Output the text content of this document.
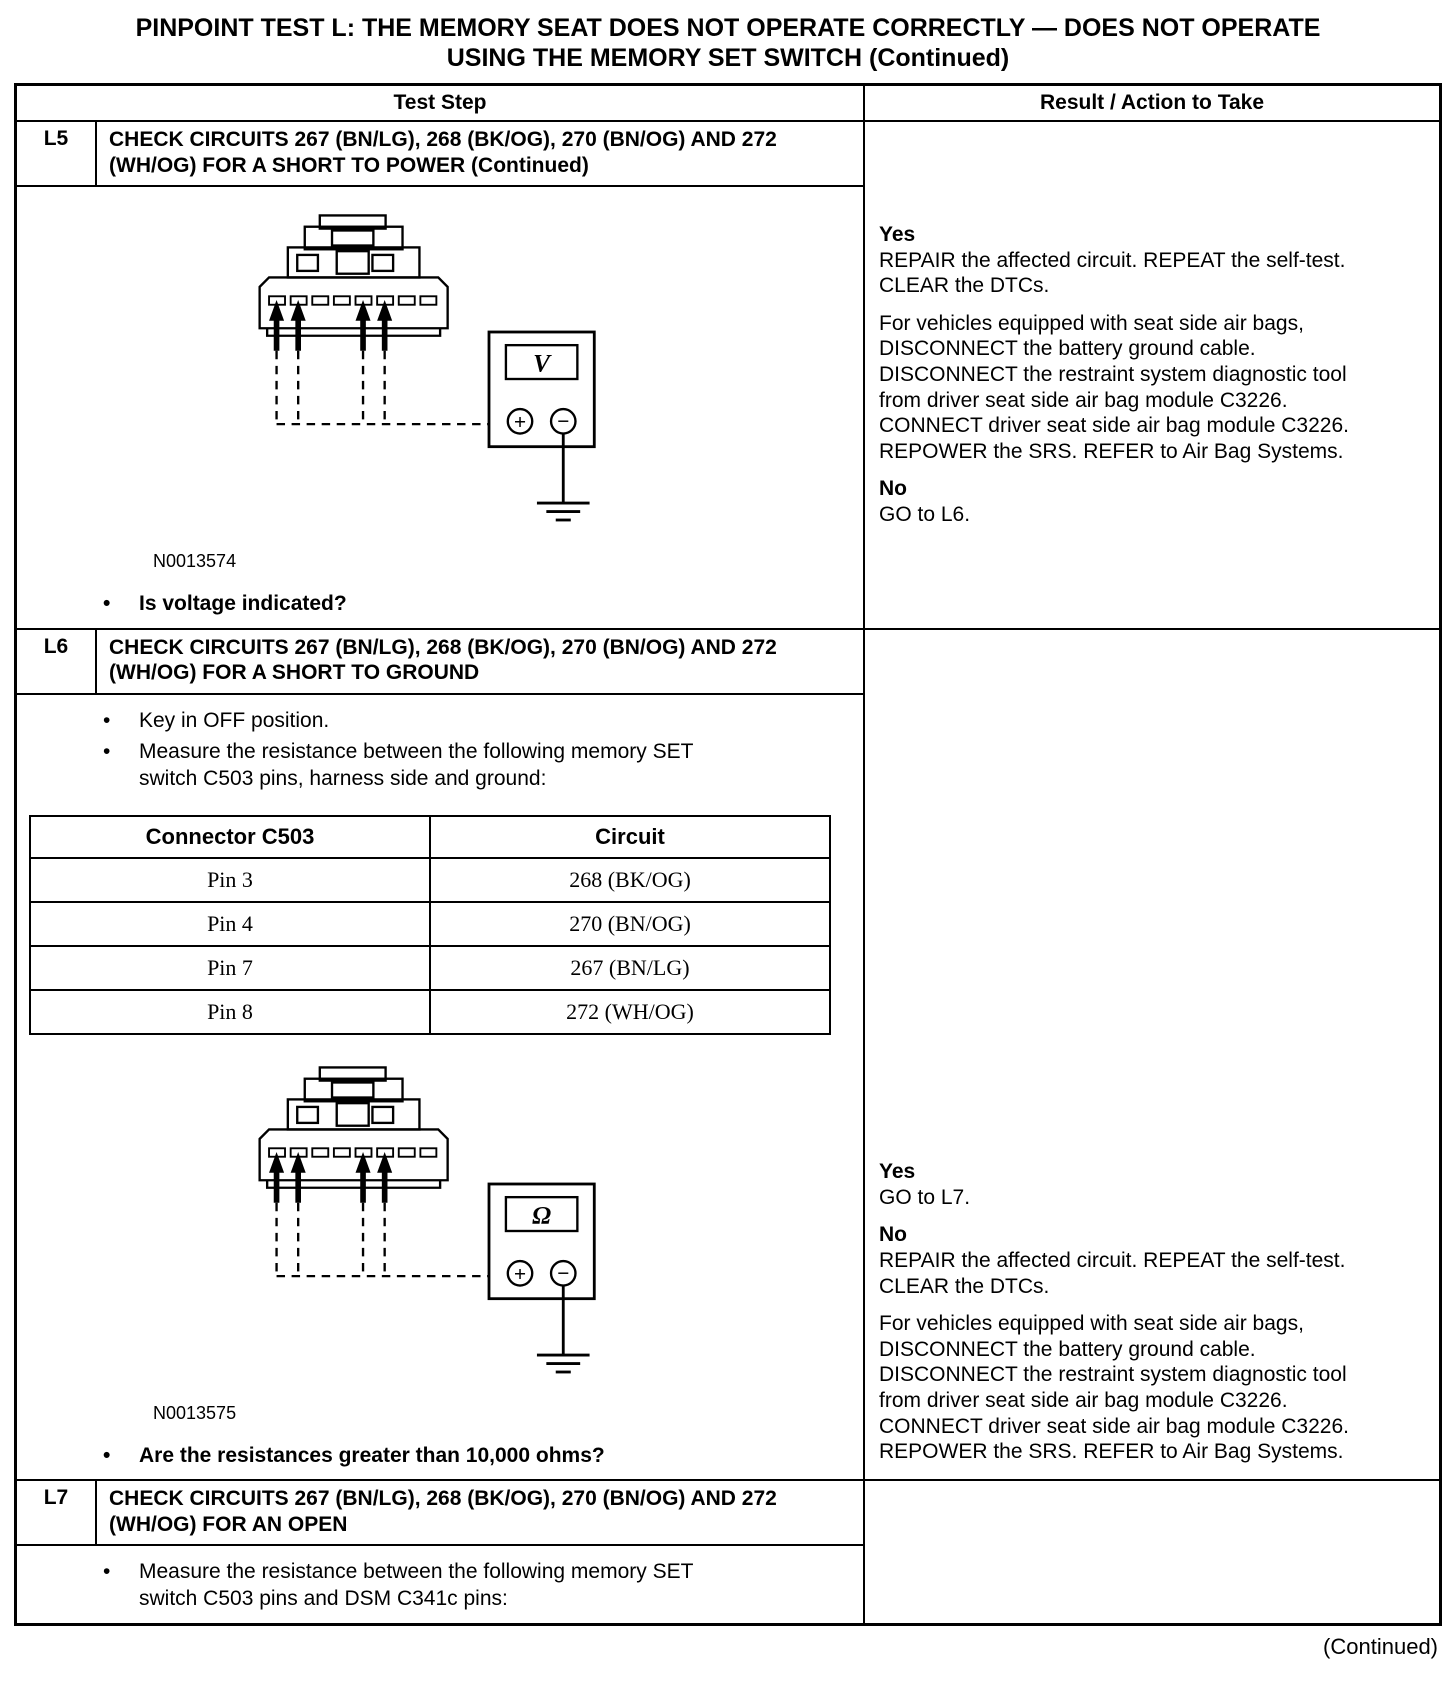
PINPOINT TEST L: THE MEMORY SEAT DOES NOT OPERATE CORRECTLY — DOES NOT OPERATE
USING THE MEMORY SET SWITCH (Continued)
Test Step	Result / Action to Take
L5	CHECK CIRCUITS 267 (BN/LG), 268 (BK/OG), 270 (BN/OG) AND 272 (WH/OG) FOR A SHORT TO POWER (Continued)
V
+ −
N0013574
•	Is voltage indicated?
Yes
REPAIR the affected circuit. REPEAT the self-test. CLEAR the DTCs.
For vehicles equipped with seat side air bags, DISCONNECT the battery ground cable. DISCONNECT the restraint system diagnostic tool from driver seat side air bag module C3226. CONNECT driver seat side air bag module C3226. REPOWER the SRS. REFER to Air Bag Systems.
No
GO to L6.
L6	CHECK CIRCUITS 267 (BN/LG), 268 (BK/OG), 270 (BN/OG) AND 272 (WH/OG) FOR A SHORT TO GROUND
•	Key in OFF position.
•	Measure the resistance between the following memory SET switch C503 pins, harness side and ground:
Connector C503	Circuit
Pin 3	268 (BK/OG)
Pin 4	270 (BN/OG)
Pin 7	267 (BN/LG)
Pin 8	272 (WH/OG)
Ω
+ −
N0013575
•	Are the resistances greater than 10,000 ohms?
Yes
GO to L7.
No
REPAIR the affected circuit. REPEAT the self-test. CLEAR the DTCs.
For vehicles equipped with seat side air bags, DISCONNECT the battery ground cable. DISCONNECT the restraint system diagnostic tool from driver seat side air bag module C3226. CONNECT driver seat side air bag module C3226. REPOWER the SRS. REFER to Air Bag Systems.
L7	CHECK CIRCUITS 267 (BN/LG), 268 (BK/OG), 270 (BN/OG) AND 272 (WH/OG) FOR AN OPEN
•	Measure the resistance between the following memory SET switch C503 pins and DSM C341c pins:
(Continued)
